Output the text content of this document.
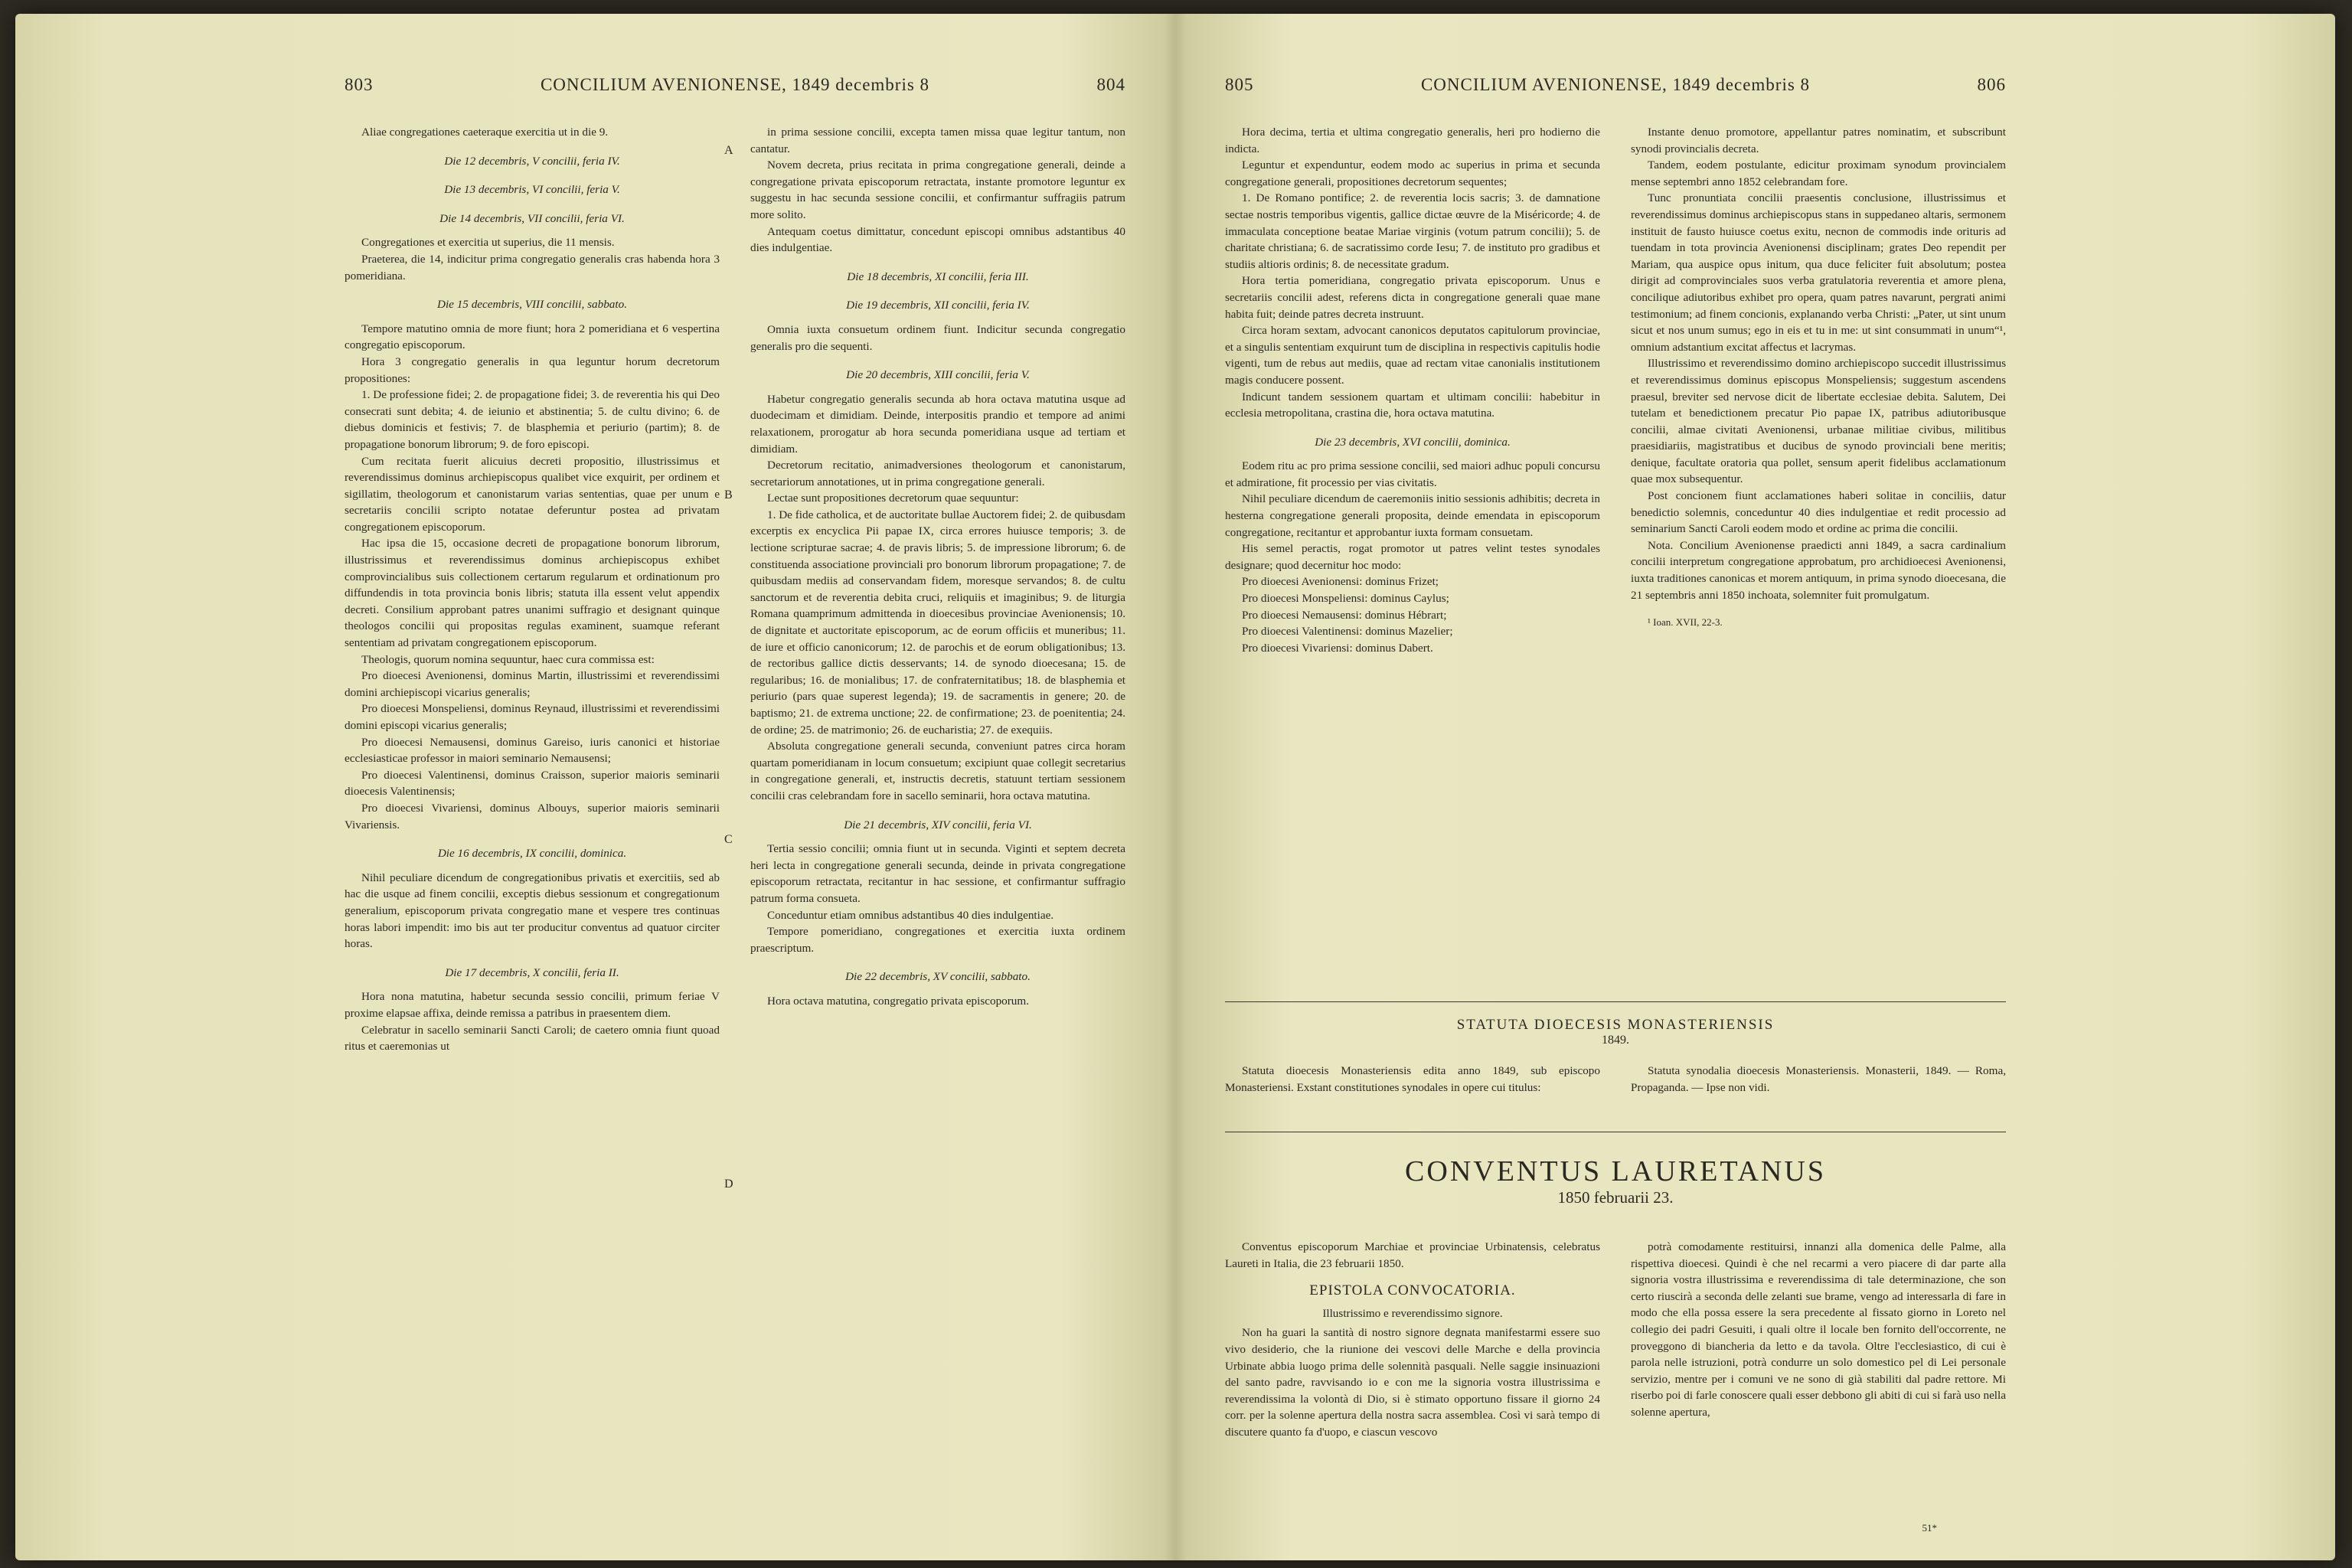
803	CONCILIUM AVENIONENSE, 1849 decembris 8	804

Aliae congregationes caeteraque exercitia ut in die 9.

Die 12 decembris, V concilii, feria IV.

Die 13 decembris, VI concilii, feria V.

Die 14 decembris, VII concilii, feria VI.

Congregationes et exercitia ut superius, die 11 mensis.

Praeterea, die 14, indicitur prima congregatio generalis cras habenda hora 3 pomeridiana.

Die 15 decembris, VIII concilii, sabbato.

Tempore matutino omnia de more fiunt; hora 2 pomeridiana et 6 vespertina congregatio episcoporum.

Hora 3 congregatio generalis in qua leguntur horum decretorum propositiones:

1. De professione fidei; 2. de propagatione fidei; 3. de reverentia his qui Deo consecrati sunt debita; 4. de ieiunio et abstinentia; 5. de cultu divino; 6. de diebus dominicis et festivis; 7. de blasphemia et periurio (partim); 8. de propagatione bonorum librorum; 9. de foro episcopi.

Cum recitata fuerit alicuius decreti propositio, illustrissimus et reverendissimus dominus archiepiscopus qualibet vice exquirit, per ordinem et sigillatim, theologorum et canonistarum varias sententias, quae per unum e secretariis concilii scripto notatae deferuntur postea ad privatam congregationem episcoporum.

Hac ipsa die 15, occasione decreti de propagatione bonorum librorum, illustrissimus et reverendissimus dominus archiepiscopus exhibet comprovincialibus suis collectionem certarum regularum et ordinationum pro diffundendis in tota provincia bonis libris; statuta illa essent velut appendix decreti. Consilium approbant patres unanimi suffragio et designant quinque theologos concilii qui propositas regulas examinent, suamque referant sententiam ad privatam congregationem episcoporum.

Theologis, quorum nomina sequuntur, haec cura commissa est:

Pro dioecesi Avenionensi, dominus Martin, illustrissimi et reverendissimi domini archiepiscopi vicarius generalis;

Pro dioecesi Monspeliensi, dominus Reynaud, illustrissimi et reverendissimi domini episcopi vicarius generalis;

Pro dioecesi Nemausensi, dominus Gareiso, iuris canonici et historiae ecclesiasticae professor in maiori seminario Nemausensi;

Pro dioecesi Valentinensi, dominus Craisson, superior maioris seminarii dioecesis Valentinensis;

Pro dioecesi Vivariensi, dominus Albouys, superior maioris seminarii Vivariensis.

Die 16 decembris, IX concilii, dominica.

Nihil peculiare dicendum de congregationibus privatis et exercitiis, sed ab hac die usque ad finem concilii, exceptis diebus sessionum et congregationum generalium, episcoporum privata congregatio mane et vespere tres continuas horas labori impendit: imo bis aut ter producitur conventus ad quatuor circiter horas.

Die 17 decembris, X concilii, feria II.

Hora nona matutina, habetur secunda sessio concilii, primum feriae V proxime elapsae affixa, deinde remissa a patribus in praesentem diem.

Celebratur in sacello seminarii Sancti Caroli; de caetero omnia fiunt quoad ritus et caeremonias ut

in prima sessione concilii, excepta tamen missa quae legitur tantum, non cantatur.

Novem decreta, prius recitata in prima congregatione generali, deinde a congregatione privata episcoporum retractata, instante promotore leguntur ex suggestu in hac secunda sessione concilii, et confirmantur suffragiis patrum more solito.

Antequam coetus dimittatur, concedunt episcopi omnibus adstantibus 40 dies indulgentiae.

Die 18 decembris, XI concilii, feria III.

Die 19 decembris, XII concilii, feria IV.

Omnia iuxta consuetum ordinem fiunt. Indicitur secunda congregatio generalis pro die sequenti.

Die 20 decembris, XIII concilii, feria V.

Habetur congregatio generalis secunda ab hora octava matutina usque ad duodecimam et dimidiam. Deinde, interpositis prandio et tempore ad animi relaxationem, prorogatur ab hora secunda pomeridiana usque ad tertiam et dimidiam.

Decretorum recitatio, animadversiones theologorum et canonistarum, secretariorum annotationes, ut in prima congregatione generali.

Lectae sunt propositiones decretorum quae sequuntur:

1. De fide catholica, et de auctoritate bullae Auctorem fidei; 2. de quibusdam excerptis ex encyclica Pii papae IX, circa errores huiusce temporis; 3. de lectione scripturae sacrae; 4. de pravis libris; 5. de impressione librorum; 6. de constituenda associatione provinciali pro bonorum librorum propagatione; 7. de quibusdam mediis ad conservandam fidem, moresque servandos; 8. de cultu sanctorum et de reverentia debita cruci, reliquiis et imaginibus; 9. de liturgia Romana quamprimum admittenda in dioecesibus provinciae Avenionensis; 10. de dignitate et auctoritate episcoporum, ac de eorum officiis et muneribus; 11. de iure et officio canonicorum; 12. de parochis et de eorum obligationibus; 13. de rectoribus gallice dictis desservants; 14. de synodo dioecesana; 15. de regularibus; 16. de monialibus; 17. de confraternitatibus; 18. de blasphemia et periurio (pars quae superest legenda); 19. de sacramentis in genere; 20. de baptismo; 21. de extrema unctione; 22. de confirmatione; 23. de poenitentia; 24. de ordine; 25. de matrimonio; 26. de eucharistia; 27. de exequiis.

Absoluta congregatione generali secunda, conveniunt patres circa horam quartam pomeridianam in locum consuetum; excipiunt quae collegit secretarius in congregatione generali, et, instructis decretis, statuunt tertiam sessionem concilii cras celebrandam fore in sacello seminarii, hora octava matutina.

Die 21 decembris, XIV concilii, feria VI.

Tertia sessio concilii; omnia fiunt ut in secunda. Viginti et septem decreta heri lecta in congregatione generali secunda, deinde in privata congregatione episcoporum retractata, recitantur in hac sessione, et confirmantur suffragio patrum forma consueta.

Conceduntur etiam omnibus adstantibus 40 dies indulgentiae.

Tempore pomeridiano, congregationes et exercitia iuxta ordinem praescriptum.

Die 22 decembris, XV concilii, sabbato.

Hora octava matutina, congregatio privata episcoporum.

A
B
C
D
805	CONCILIUM AVENIONENSE, 1849 decembris 8	806

Hora decima, tertia et ultima congregatio generalis, heri pro hodierno die indicta.

Leguntur et expenduntur, eodem modo ac superius in prima et secunda congregatione generali, propositiones decretorum sequentes;

1. De Romano pontifice; 2. de reverentia locis sacris; 3. de damnatione sectae nostris temporibus vigentis, gallice dictae œuvre de la Miséricorde; 4. de immaculata conceptione beatae Mariae virginis (votum patrum concilii); 5. de charitate christiana; 6. de sacratissimo corde Iesu; 7. de instituto pro gradibus et studiis altioris ordinis; 8. de necessitate gradum.

Hora tertia pomeridiana, congregatio privata episcoporum. Unus e secretariis concilii adest, referens dicta in congregatione generali quae mane habita fuit; deinde patres decreta instruunt.

Circa horam sextam, advocant canonicos deputatos capitulorum provinciae, et a singulis sententiam exquirunt tum de disciplina in respectivis capitulis hodie vigenti, tum de rebus aut mediis, quae ad rectam vitae canonialis institutionem magis conducere possent.

Indicunt tandem sessionem quartam et ultimam concilii: habebitur in ecclesia metropolitana, crastina die, hora octava matutina.

Die 23 decembris, XVI concilii, dominica.

Eodem ritu ac pro prima sessione concilii, sed maiori adhuc populi concursu et admiratione, fit processio per vias civitatis.

Nihil peculiare dicendum de caeremoniis initio sessionis adhibitis; decreta in hesterna congregatione generali proposita, deinde emendata in episcoporum congregatione, recitantur et approbantur iuxta formam consuetam.

His semel peractis, rogat promotor ut patres velint testes synodales designare; quod decernitur hoc modo:

Pro dioecesi Avenionensi: dominus Frizet;

Pro dioecesi Monspeliensi: dominus Caylus;

Pro dioecesi Nemausensi: dominus Hébrart;

Pro dioecesi Valentinensi: dominus Mazelier;

Pro dioecesi Vivariensi: dominus Dabert.

Instante denuo promotore, appellantur patres nominatim, et subscribunt synodi provincialis decreta.

Tandem, eodem postulante, edicitur proximam synodum provincialem mense septembri anno 1852 celebrandam fore.

Tunc pronuntiata concilii praesentis conclusione, illustrissimus et reverendissimus dominus archiepiscopus stans in suppedaneo altaris, sermonem instituit de fausto huiusce coetus exitu, necnon de commodis inde orituris ad tuendam in tota provincia Avenionensi disciplinam; grates Deo rependit per Mariam, qua auspice opus initum, qua duce feliciter fuit absolutum; postea dirigit ad comprovinciales suos verba gratulatoria reverentia et amore plena, concilique adiutoribus exhibet pro opera, quam patres navarunt, pergrati animi testimonium; ad finem concionis, explanando verba Christi: „Pater, ut sint unum sicut et nos unum sumus; ego in eis et tu in me: ut sint consummati in unum“¹, omnium adstantium excitat affectus et lacrymas.

Illustrissimo et reverendissimo domino archiepiscopo succedit illustrissimus et reverendissimus dominus episcopus Monspeliensis; suggestum ascendens praesul, breviter sed nervose dicit de libertate ecclesiae debita. Salutem, Dei tutelam et benedictionem precatur Pio papae IX, patribus adiutoribusque concilii, almae civitati Avenionensi, urbanae militiae civibus, militibus praesidiariis, magistratibus et ducibus de synodo provinciali bene meritis; denique, facultate oratoria qua pollet, sensum aperit fidelibus acclamationum quae mox subsequentur.

Post concionem fiunt acclamationes haberi solitae in conciliis, datur benedictio solemnis, conceduntur 40 dies indulgentiae et redit processio ad seminarium Sancti Caroli eodem modo et ordine ac prima die concilii.

Nota. Concilium Avenionense praedicti anni 1849, a sacra cardinalium concilii interpretum congregatione approbatum, pro archidioecesi Avenionensi, iuxta traditiones canonicas et morem antiquum, in prima synodo dioecesana, die 21 septembris anni 1850 inchoata, solemniter fuit promulgatum.

¹ Ioan. XVII, 22-3.

STATUTA DIOECESIS MONASTERIENSIS
1849.

Statuta dioecesis Monasteriensis edita anno 1849, sub episcopo Monasteriensi. Exstant constitutiones synodales in opere cui titulus:

Statuta synodalia dioecesis Monasteriensis. Monasterii, 1849. — Roma, Propaganda. — Ipse non vidi.

CONVENTUS LAURETANUS
1850 februarii 23.

Conventus episcoporum Marchiae et provinciae Urbinatensis, celebratus Laureti in Italia, die 23 februarii 1850.

EPISTOLA CONVOCATORIA.

Illustrissimo e reverendissimo signore.

Non ha guari la santità di nostro signore degnata manifestarmi essere suo vivo desiderio, che la riunione dei vescovi delle Marche e della provincia Urbinate abbia luogo prima delle solennità pasquali. Nelle saggie insinuazioni del santo padre, ravvisando io e con me la signoria vostra illustrissima e reverendissima la volontà di Dio, si è stimato opportuno fissare il giorno 24 corr. per la solenne apertura della nostra sacra assemblea. Così vi sarà tempo di discutere quanto fa d'uopo, e ciascun vescovo

potrà comodamente restituirsi, innanzi alla domenica delle Palme, alla rispettiva dioecesi. Quindi è che nel recarmi a vero piacere di dar parte alla signoria vostra illustrissima e reverendissima di tale determinazione, che son certo riuscirà a seconda delle zelanti sue brame, vengo ad interessarla di fare in modo che ella possa essere la sera precedente al fissato giorno in Loreto nel collegio dei padri Gesuiti, i quali oltre il locale ben fornito dell'occorrente, ne proveggono di biancheria da letto e da tavola. Oltre l'ecclesiastico, di cui è parola nelle istruzioni, potrà condurre un solo domestico pel di Lei personale servizio, mentre per i comuni ve ne sono di già stabiliti dal padre rettore. Mi riserbo poi di farle conoscere quali esser debbono gli abiti di cui si farà uso nella solenne apertura,

51*
